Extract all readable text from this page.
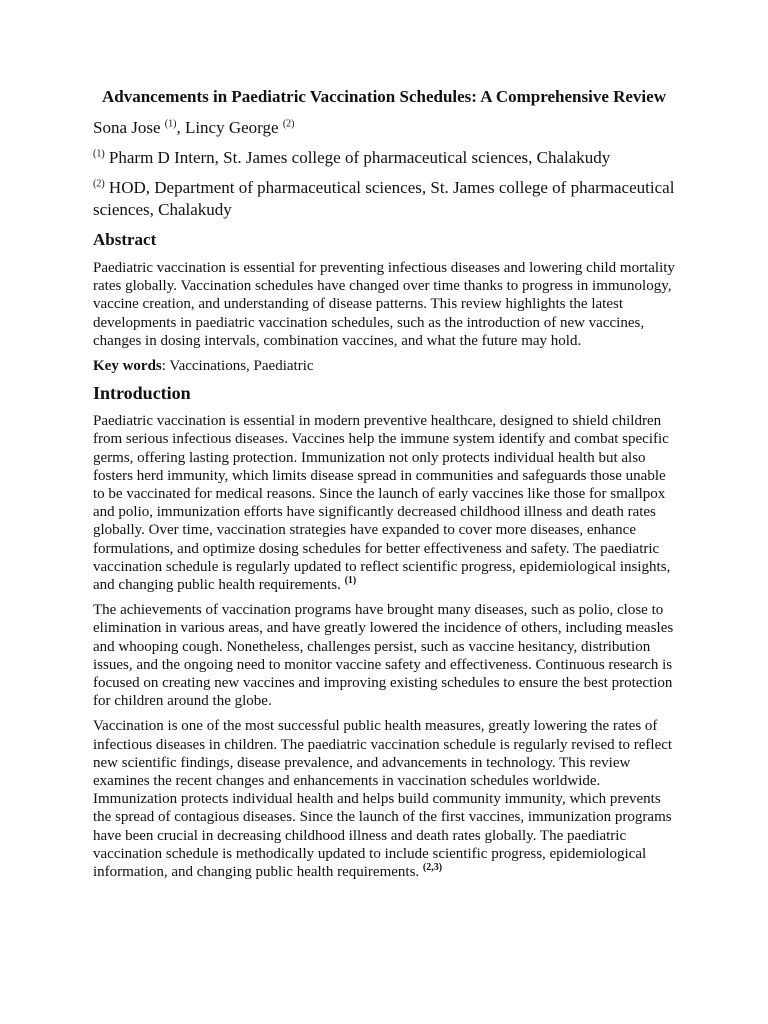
Advancements in Paediatric Vaccination Schedules: A Comprehensive Review
Sona Jose $^{(1)}$, Lincy George $^{(2)}$
$^{(1)}$ Pharm D Intern, St. James college of pharmaceutical sciences, Chalakudy
$^{(2)}$ HOD, Department of pharmaceutical sciences, St. James college of pharmaceutical sciences, Chalakudy
Abstract

Paediatric vaccination is essential for preventing infectious diseases and lowering child mortality rates globally. Vaccination schedules have changed over time thanks to progress in immunology, vaccine creation, and understanding of disease patterns. This review highlights the latest developments in paediatric vaccination schedules, such as the introduction of new vaccines, changes in dosing intervals, combination vaccines, and what the future may hold.

Key words: Vaccinations, Paediatric

Introduction

Paediatric vaccination is essential in modern preventive healthcare, designed to shield children from serious infectious diseases. Vaccines help the immune system identify and combat specific germs, offering lasting protection. Immunization not only protects individual health but also fosters herd immunity, which limits disease spread in communities and safeguards those unable to be vaccinated for medical reasons. Since the launch of early vaccines like those for smallpox and polio, immunization efforts have significantly decreased childhood illness and death rates globally. Over time, vaccination strategies have expanded to cover more diseases, enhance formulations, and optimize dosing schedules for better effectiveness and safety. The paediatric vaccination schedule is regularly updated to reflect scientific progress, epidemiological insights, and changing public health requirements. $^{(1)}$

The achievements of vaccination programs have brought many diseases, such as polio, close to elimination in various areas, and have greatly lowered the incidence of others, including measles and whooping cough. Nonetheless, challenges persist, such as vaccine hesitancy, distribution issues, and the ongoing need to monitor vaccine safety and effectiveness. Continuous research is focused on creating new vaccines and improving existing schedules to ensure the best protection for children around the globe.

Vaccination is one of the most successful public health measures, greatly lowering the rates of infectious diseases in children. The paediatric vaccination schedule is regularly revised to reflect new scientific findings, disease prevalence, and advancements in technology. This review examines the recent changes and enhancements in vaccination schedules worldwide. Immunization protects individual health and helps build community immunity, which prevents the spread of contagious diseases. Since the launch of the first vaccines, immunization programs have been crucial in decreasing childhood illness and death rates globally. The paediatric vaccination schedule is methodically updated to include scientific progress, epidemiological information, and changing public health requirements. $^{(2,3)}$
